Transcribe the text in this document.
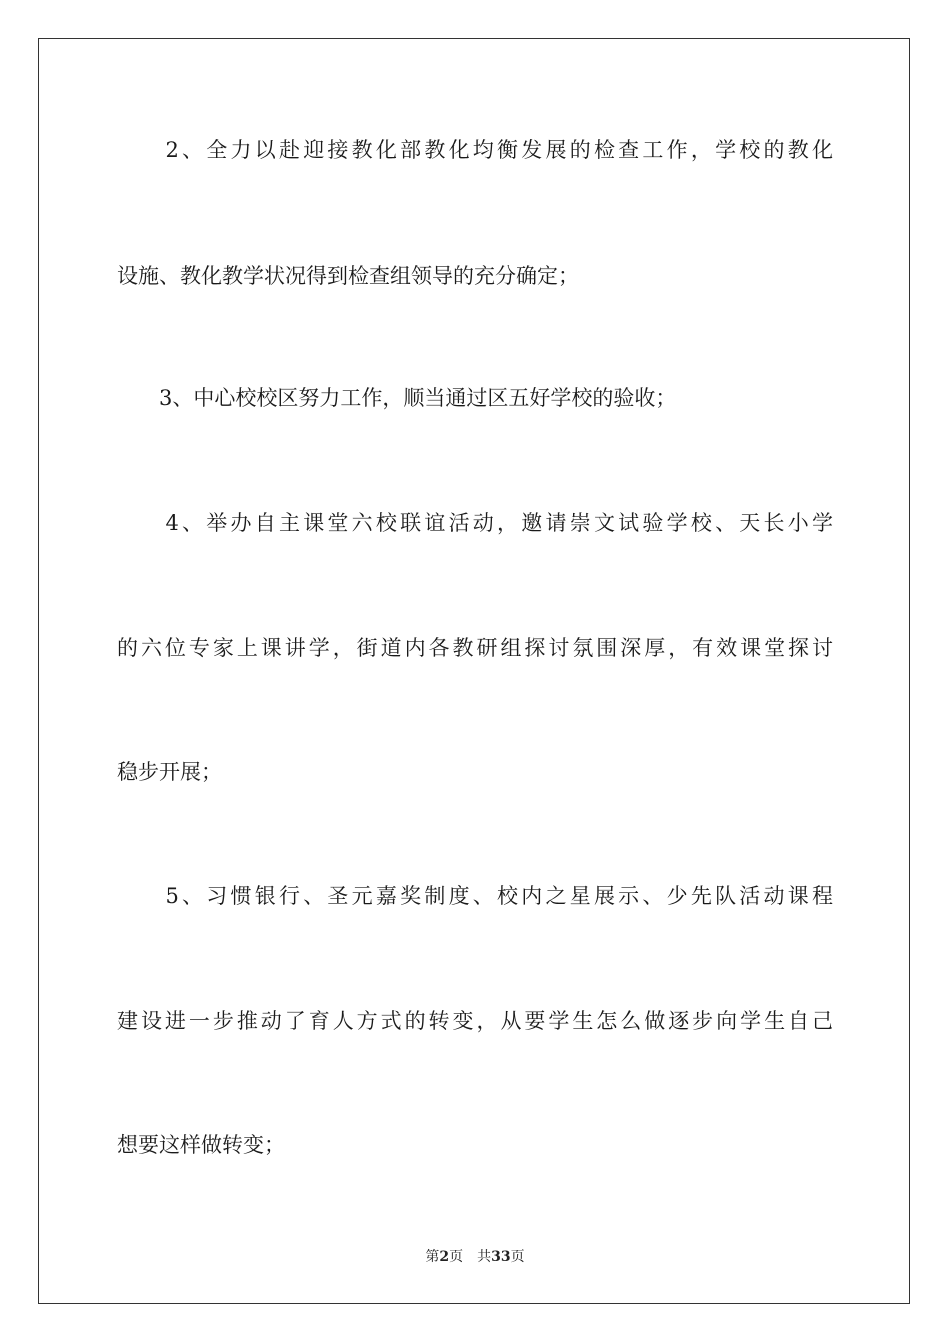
　　2、全力以赴迎接教化部教化均衡发展的检查工作，学校的教化
设施、教化教学状况得到检查组领导的充分确定；
　　3、中心校校区努力工作，顺当通过区五好学校的验收；
　　4、举办自主课堂六校联谊活动，邀请崇文试验学校、天长小学
的六位专家上课讲学，街道内各教研组探讨氛围深厚，有效课堂探讨
稳步开展；
　　5、习惯银行、圣元嘉奖制度、校内之星展示、少先队活动课程
建设进一步推动了育人方式的转变，从要学生怎么做逐步向学生自己
想要这样做转变；
第2页 共33页
